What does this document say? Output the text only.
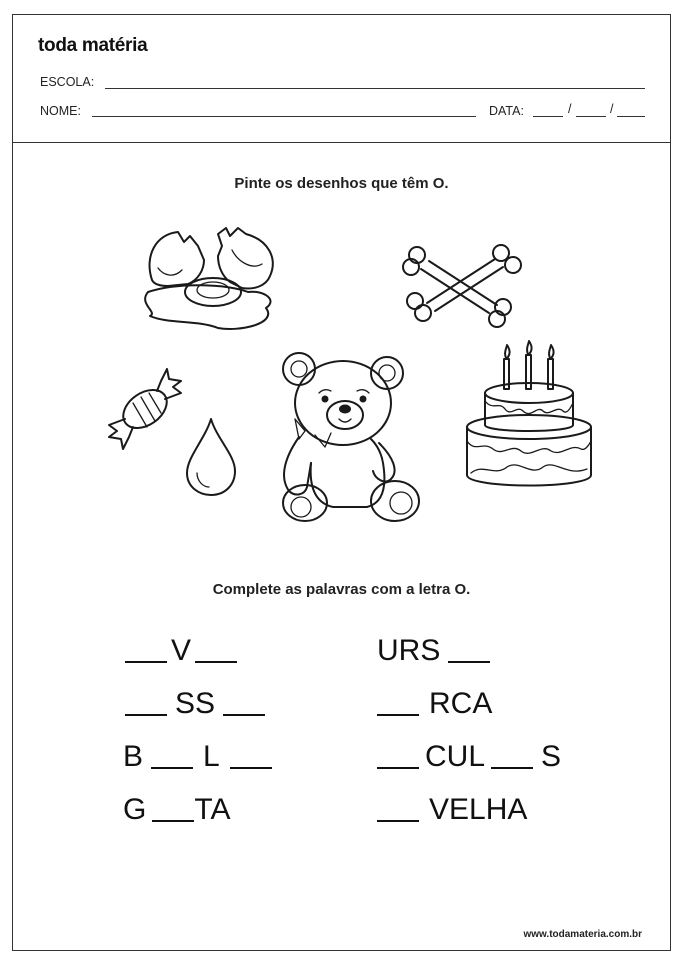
toda matéria
ESCOLA:
NOME:	DATA:	/	/
Pinte os desenhos que têm O.
Complete as palavras com a letra O.
V
SS
B L
G TA
URS
RCA
CUL S
VELHA
www.todamateria.com.br
